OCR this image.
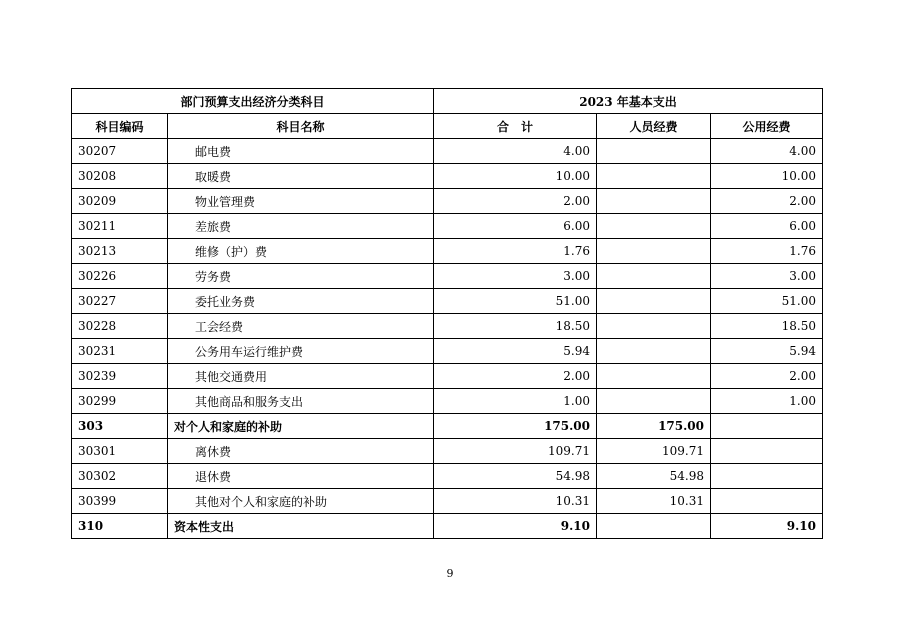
部门预算支出经济分类科目		2023 年基本支出		
科目编码	科目名称	合　计	人员经费	公用经费
30207	邮电费	4.00		4.00
30208	取暖费	10.00		10.00
30209	物业管理费	2.00		2.00
30211	差旅费	6.00		6.00
30213	维修（护）费	1.76		1.76
30226	劳务费	3.00		3.00
30227	委托业务费	51.00		51.00
30228	工会经费	18.50		18.50
30231	公务用车运行维护费	5.94		5.94
30239	其他交通费用	2.00		2.00
30299	其他商品和服务支出	1.00		1.00
303	对个人和家庭的补助	175.00	175.00	
30301	离休费	109.71	109.71	
30302	退休费	54.98	54.98	
30399	其他对个人和家庭的补助	10.31	10.31	
310	资本性支出	9.10		9.10
9
